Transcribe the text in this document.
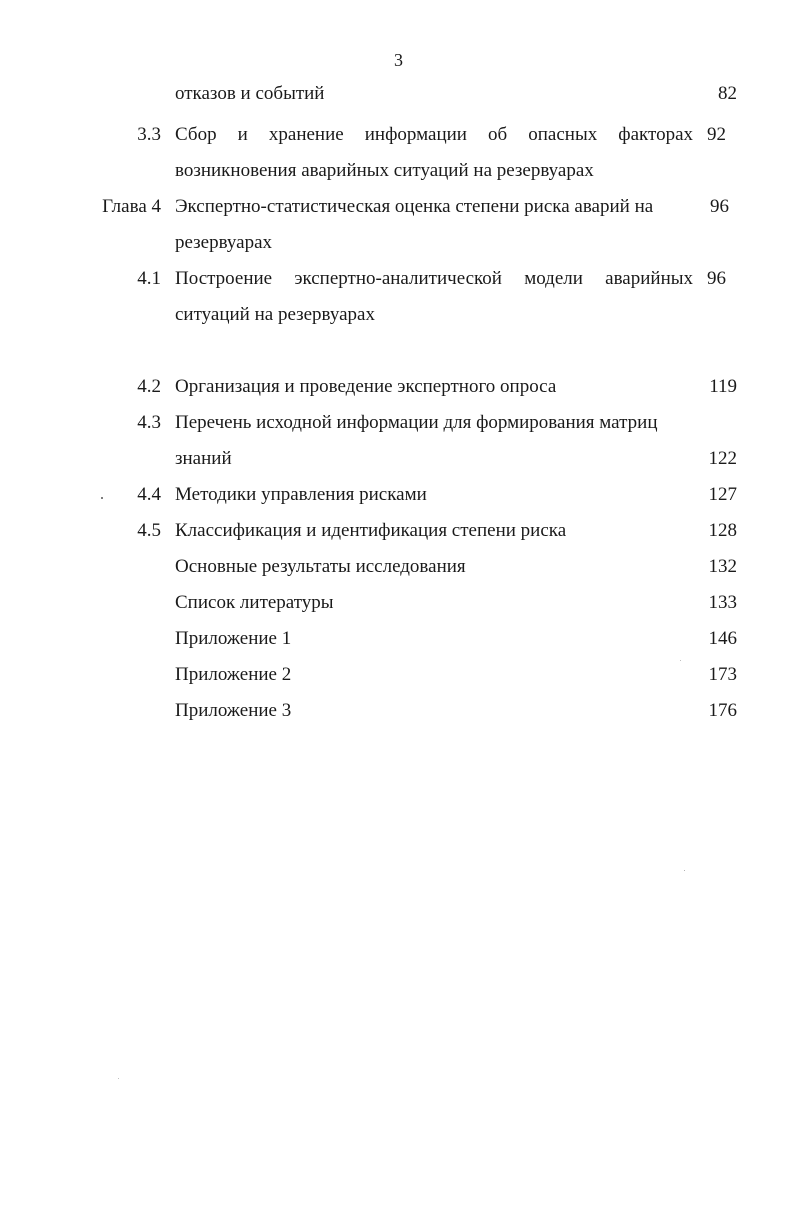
3
отказов и событий	82
3.3 Сбор и хранение информации об опасных факторах 92
возникновения аварийных ситуаций на резервуарах
Глава 4 Экспертно-статистическая оценка степени риска аварий на	96
резервуарах
4.1 Построение экспертно-аналитической модели аварийных 96
ситуаций на резервуарах
4.2 Организация и проведение экспертного опроса	119
4.3 Перечень исходной информации для формирования матриц
знаний	122
4.4 Методики управления рисками	127
4.5 Классификация и идентификация степени риска	128
Основные результаты исследования	132
Список литературы	133
Приложение 1	146
Приложение 2	173
Приложение 3	176
